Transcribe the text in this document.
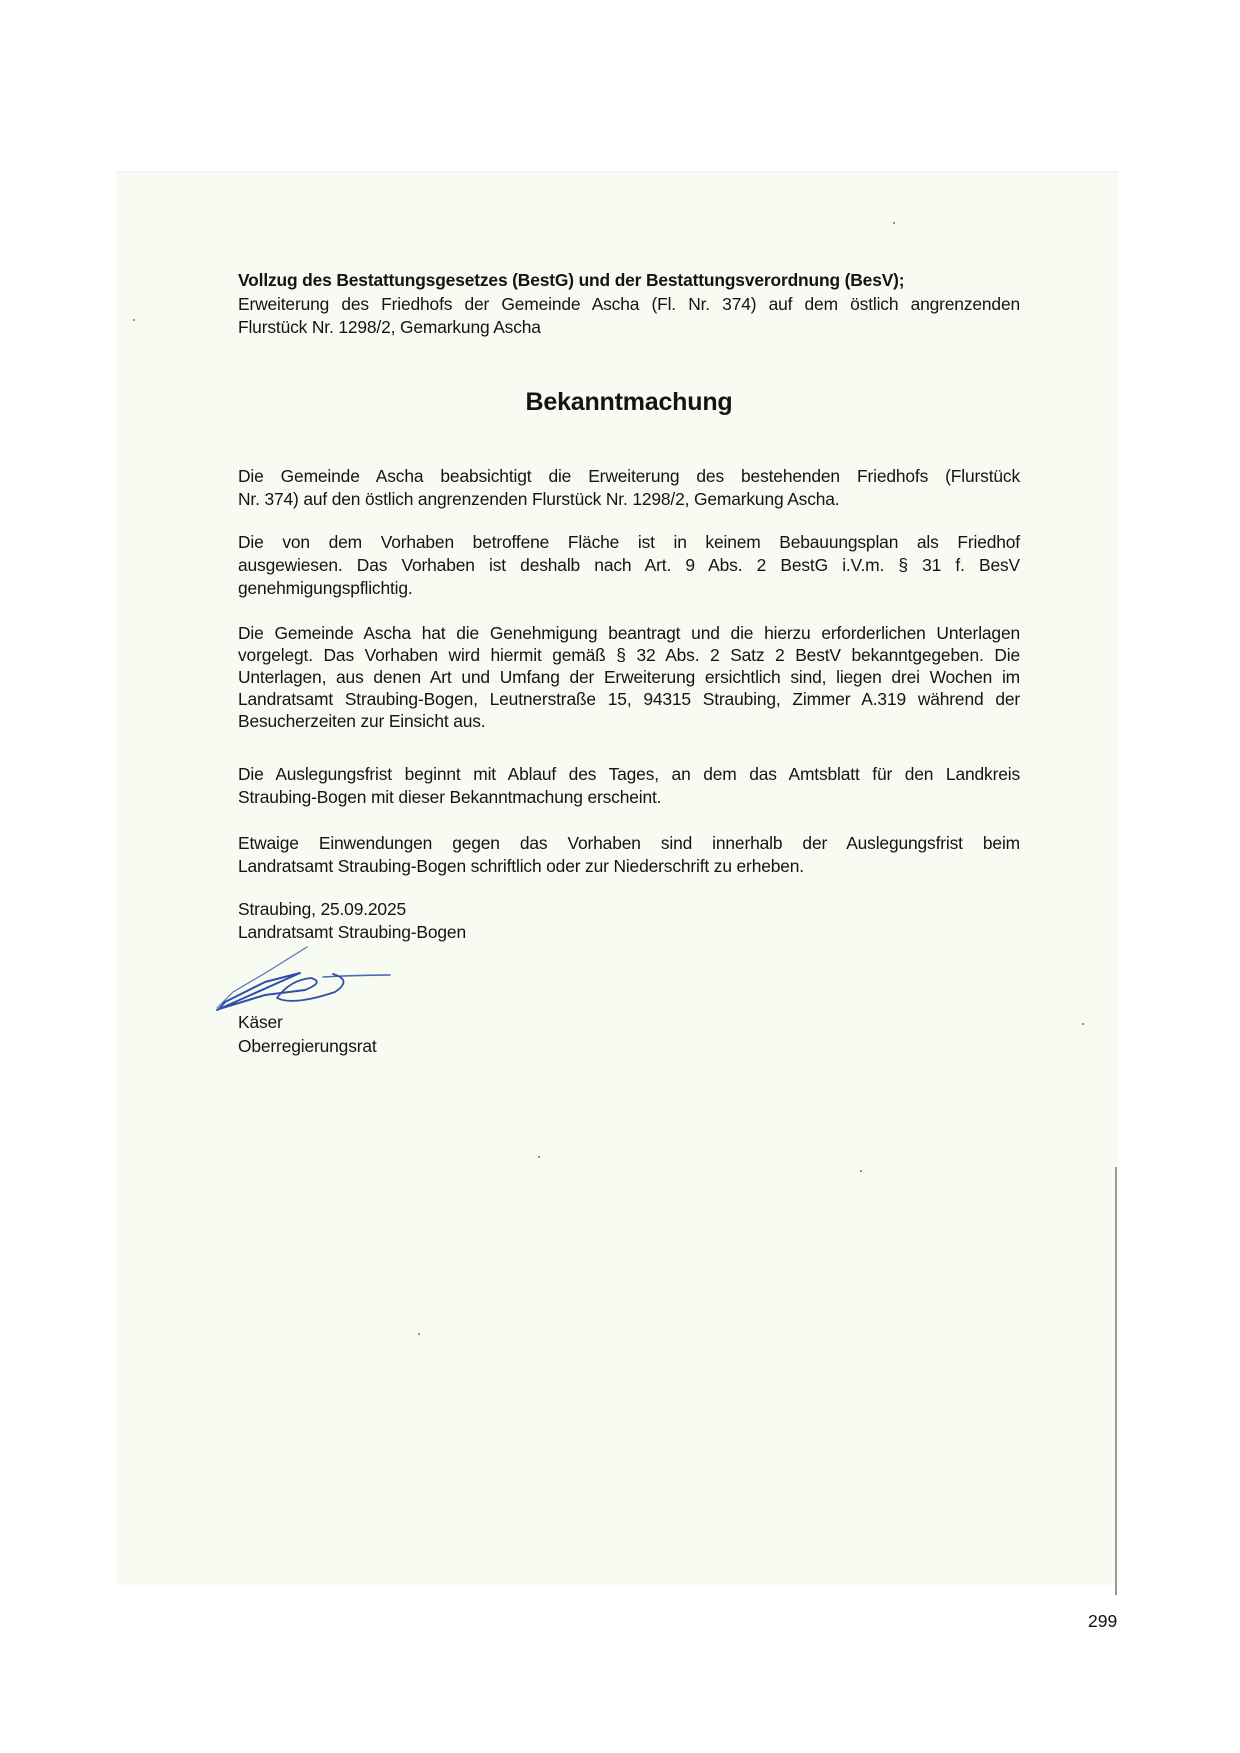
Vollzug des Bestattungsgesetzes (BestG) und der Bestattungsverordnung (BesV);
Erweiterung des Friedhofs der Gemeinde Ascha (Fl. Nr. 374) auf dem östlich angrenzenden
Flurstück Nr. 1298/2, Gemarkung Ascha
Bekanntmachung
Die Gemeinde Ascha beabsichtigt die Erweiterung des bestehenden Friedhofs (Flurstück
Nr. 374) auf den östlich angrenzenden Flurstück Nr. 1298/2, Gemarkung Ascha.
Die von dem Vorhaben betroffene Fläche ist in keinem Bebauungsplan als Friedhof
ausgewiesen. Das Vorhaben ist deshalb nach Art. 9 Abs. 2 BestG i.V.m. § 31 f. BesV
genehmigungspflichtig.
Die Gemeinde Ascha hat die Genehmigung beantragt und die hierzu erforderlichen Unterlagen
vorgelegt. Das Vorhaben wird hiermit gemäß § 32 Abs. 2 Satz 2 BestV bekanntgegeben. Die
Unterlagen, aus denen Art und Umfang der Erweiterung ersichtlich sind, liegen drei Wochen im
Landratsamt Straubing-Bogen, Leutnerstraße 15, 94315 Straubing, Zimmer A.319 während der
Besucherzeiten zur Einsicht aus.
Die Auslegungsfrist beginnt mit Ablauf des Tages, an dem das Amtsblatt für den Landkreis
Straubing-Bogen mit dieser Bekanntmachung erscheint.
Etwaige Einwendungen gegen das Vorhaben sind innerhalb der Auslegungsfrist beim
Landratsamt Straubing-Bogen schriftlich oder zur Niederschrift zu erheben.
Straubing, 25.09.2025
Landratsamt Straubing-Bogen
Käser
Oberregierungsrat
299
